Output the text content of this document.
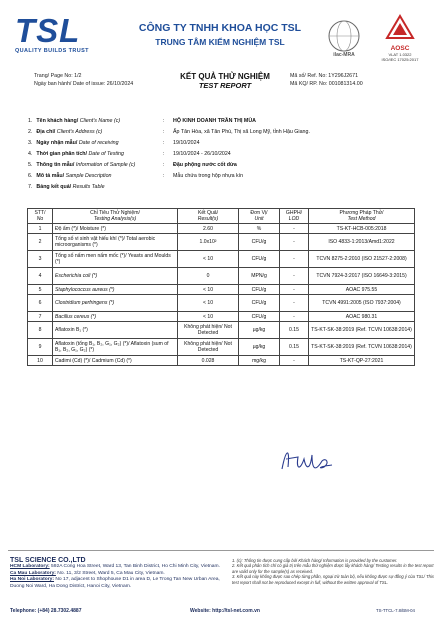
TSL
QUALITY BUILDS TRUST
CÔNG TY TNHH KHOA HỌC TSL
TRUNG TÂM KIỂM NGHIỆM TSL
ilac-MRA
AOSC
VLAT 1.0322
ISO/IEC 17025:2017
Trang/ Page No: 1/2
Ngày ban hành/ Date of issue: 26/10/2024
Mã số/ Ref. No: 1Y296J2671
Mã KQ/ RP. No: 001081314.00
KẾT QUẢ THỬ NGHIỆM
TEST REPORT
1. Tên khách hàng/ Client's Name (c)	: HỘ KINH DOANH TRẦN THỊ MÙA
2. Địa chỉ/ Client's Address (c)	: Ấp Tân Hòa, xã Tân Phú, Thị xã Long Mỹ, tỉnh Hậu Giang.
3. Ngày nhận mẫu/ Date of receiving	: 19/10/2024
4. Thời gian phân tích/ Date of Testing	: 19/10/2024 - 26/10/2024
5. Thông tin mẫu/ Information of Sample (c)	: Đậu phộng nước cốt dừa
6. Mô tả mẫu/ Sample Description	: Mẫu chứa trong hộp nhựa kín
7. Bảng kết quả/ Results Table
STT/
No	Chỉ Tiêu Thử Nghiệm/
Testing Analysis(s)	Kết Quả/
Result(s)	Đơn Vị/
Unit	GHPH/
LOD	Phương Pháp Thử/
Test Method
1	Độ ẩm (*)/ Moisture (*)	2.60	%	-	TS-KT-HCB-005:2018
2	Tổng số vi sinh vật hiếu khí (*)/ Total aerobic microorganisms (*)	1.0x10²	CFU/g	-	ISO 4833-1:2013/Amd1:2022
3	Tổng số nấm men nấm mốc (*)/ Yeasts and Moulds (*)	< 10	CFU/g	-	TCVN 8275-2:2010 (ISO 21527-2:2008)
4	Escherichia coli (*)	0	MPN/g	-	TCVN 7924-3:2017 (ISO 16649-3:2015)
5	Staphylococcus aureus (*)	< 10	CFU/g	-	AOAC 975.55
6	Clostridium perfringens (*)	< 10	CFU/g	-	TCVN 4991:2005 (ISO 7937:2004)
7	Bacillus cereus (*)	< 10	CFU/g	-	AOAC 980.31
8	Aflatoxin B₁ (*)	Không phát hiện/ Not Detected	µg/kg	0.15	TS-KT-SK-38:2019 (Ref. TCVN 10638:2014)
9	Aflatoxin (tổng B₁, B₂, G₁, G₂) (*)/ Aflatoxin (sum of B₁, B₂, G₁, G₂) (*)	Không phát hiện/ Not Detected	µg/kg	0.15	TS-KT-SK-38:2019 (Ref. TCVN 10638:2014)
10	Cadimi (Cd) (*)/ Cadmium (Cd) (*)	0.028	mg/kg	-	TS-KT-QP-27:2021
TSL SCIENCE CO.,LTD
HCM Laboratory: 592A Cong Hoa Street, Ward 13, Tan Binh District, Ho Chi Minh City, Vietnam.
Ca Mau Laboratory: No. 11, 3/2 Street, Ward 5, Ca Mau City, Vietnam.
Ha Noi Laboratory: No 17, adjacent to Shophouse D1 in area D, Le Trong Tan New Urban Area, Duong Noi Ward, Ha Dong District, Hanoi City, Vietnam.
1. (c): Thông tin được cung cấp bởi Khách hàng/ Information is provided by the customer.
2. Kết quả phân tích chỉ có giá trị trên mẫu thử nghiệm được lấy khách hàng/ Testing results in the test report are valid only for the sample(s) as received.
3. Kết quả này không được sao chép từng phần, ngoại trừ toàn bộ, nếu không được sự đồng ý của TSL/ This test report shall not be reproduced except in full, without the written approval of TSL.
Telephone: (+84) 28.7302.4887	Website: http://tsl-net.com.vn	TS-TTCL-7.8/BM-04
